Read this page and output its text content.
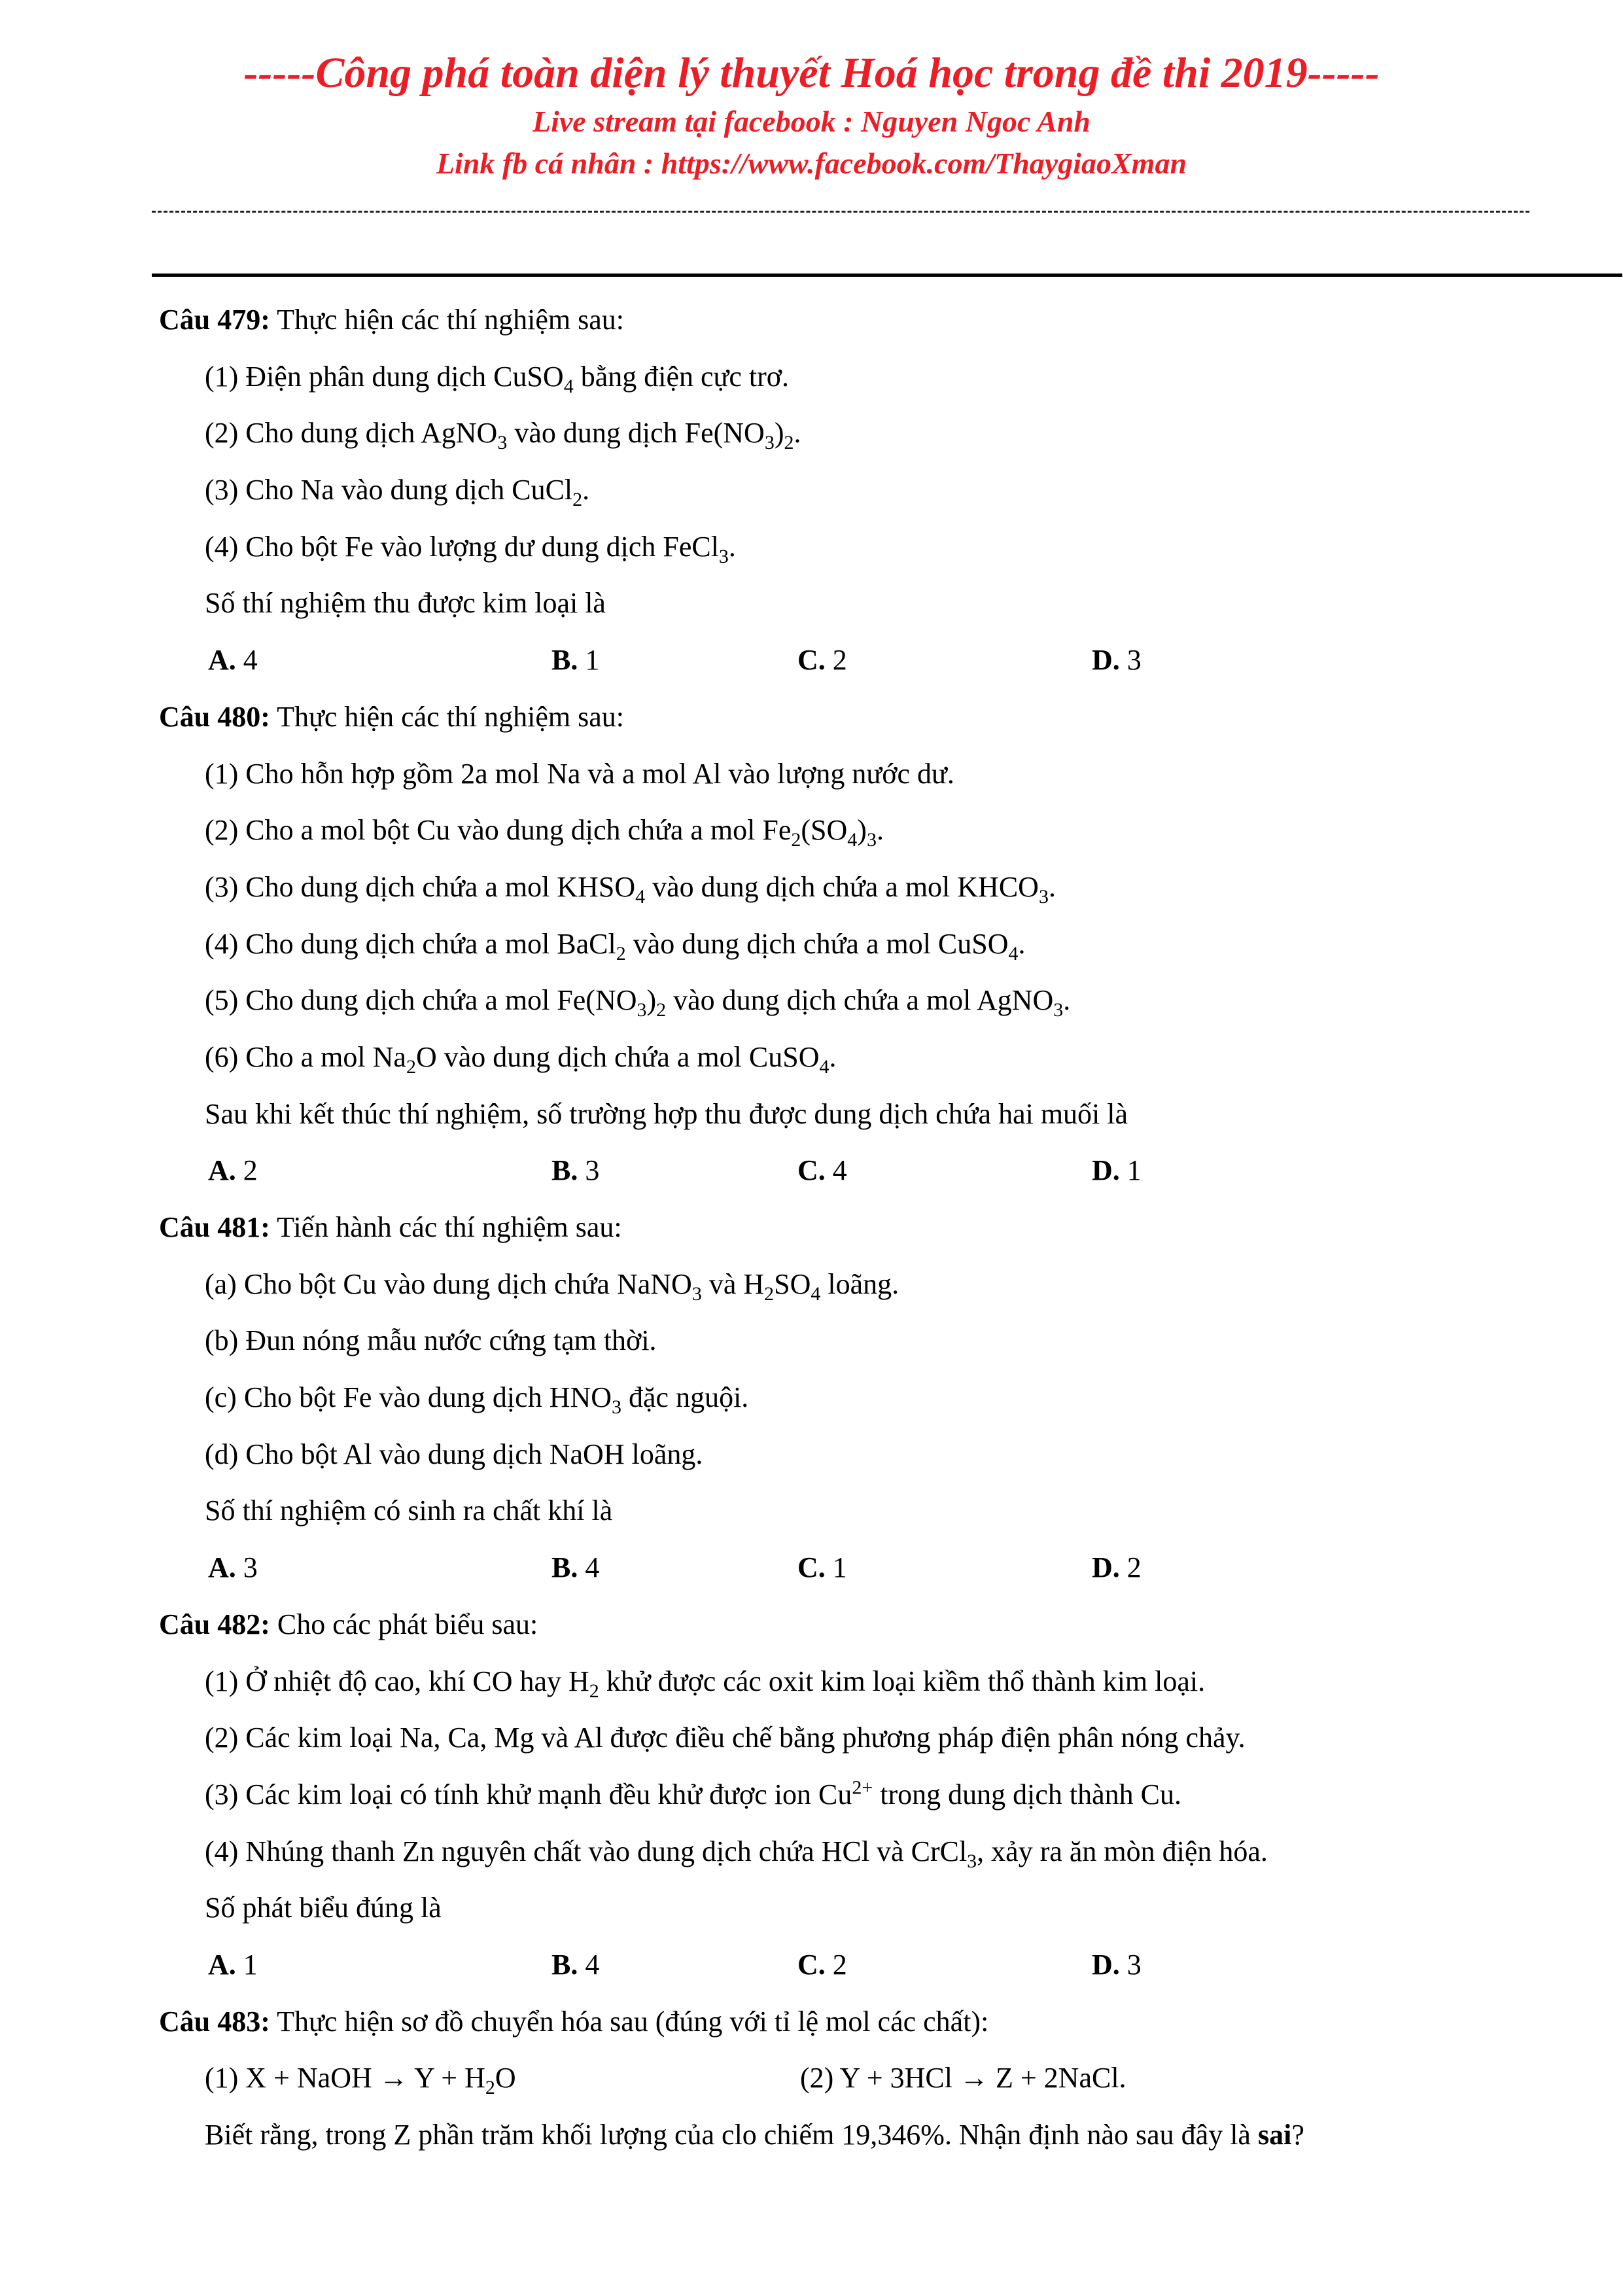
-----Công phá toàn diện lý thuyết Hoá học trong đề thi 2019-----
Live stream tại facebook : Nguyen Ngoc Anh
Link fb cá nhân : https://www.facebook.com/ThaygiaoXman
Câu 479: Thực hiện các thí nghiệm sau:
(1) Điện phân dung dịch CuSO$_4$ bằng điện cực trơ.
(2) Cho dung dịch AgNO$_3$ vào dung dịch $Fe(NO_3)_2$.
(3) Cho Na vào dung dịch CuCl$_2$.
(4) Cho bột Fe vào lượng dư dung dịch FeCl$_3$.
Số thí nghiệm thu được kim loại là
A. 4	B. 1	C. 2	D. 3
Câu 480: Thực hiện các thí nghiệm sau:
(1) Cho hỗn hợp gồm 2a mol Na và a mol Al vào lượng nước dư.
(2) Cho a mol bột Cu vào dung dịch chứa a mol $Fe_2(SO_4)_3$.
(3) Cho dung dịch chứa a mol $KHSO_4$ vào dung dịch chứa a mol $KHCO_3$.
(4) Cho dung dịch chứa a mol BaCl$_2$ vào dung dịch chứa a mol CuSO$_4$.
(5) Cho dung dịch chứa a mol $Fe(NO_3)_2$ vào dung dịch chứa a mol AgNO$_3$.
(6) Cho a mol $Na_2O$ vào dung dịch chứa a mol CuSO$_4$.
Sau khi kết thúc thí nghiệm, số trường hợp thu được dung dịch chứa hai muối là
A. 2	B. 3	C. 4	D. 1
Câu 481: Tiến hành các thí nghiệm sau:
(a) Cho bột Cu vào dung dịch chứa NaNO$_3$ và $H_2SO_4$ loãng.
(b) Đun nóng mẫu nước cứng tạm thời.
(c) Cho bột Fe vào dung dịch $HNO_3$ đặc nguội.
(d) Cho bột Al vào dung dịch NaOH loãng.
Số thí nghiệm có sinh ra chất khí là
A. 3	B. 4	C. 1	D. 2
Câu 482: Cho các phát biểu sau:
(1) Ở nhiệt độ cao, khí CO hay $H_2$ khử được các oxit kim loại kiềm thổ thành kim loại.
(2) Các kim loại Na, Ca, Mg và Al được điều chế bằng phương pháp điện phân nóng chảy.
(3) Các kim loại có tính khử mạnh đều khử được ion $Cu^{2+}$ trong dung dịch thành Cu.
(4) Nhúng thanh Zn nguyên chất vào dung dịch chứa HCl và CrCl$_3$, xảy ra ăn mòn điện hóa.
Số phát biểu đúng là
A. 1	B. 4	C. 2	D. 3
Câu 483: Thực hiện sơ đồ chuyển hóa sau (đúng với tỉ lệ mol các chất):
(1) X + NaOH → $Y + H_2O$	(2) Y + 3HCl → Z + 2NaCl.
Biết rằng, trong Z phần trăm khối lượng của clo chiếm 19,346%. Nhận định nào sau đây là sai?
